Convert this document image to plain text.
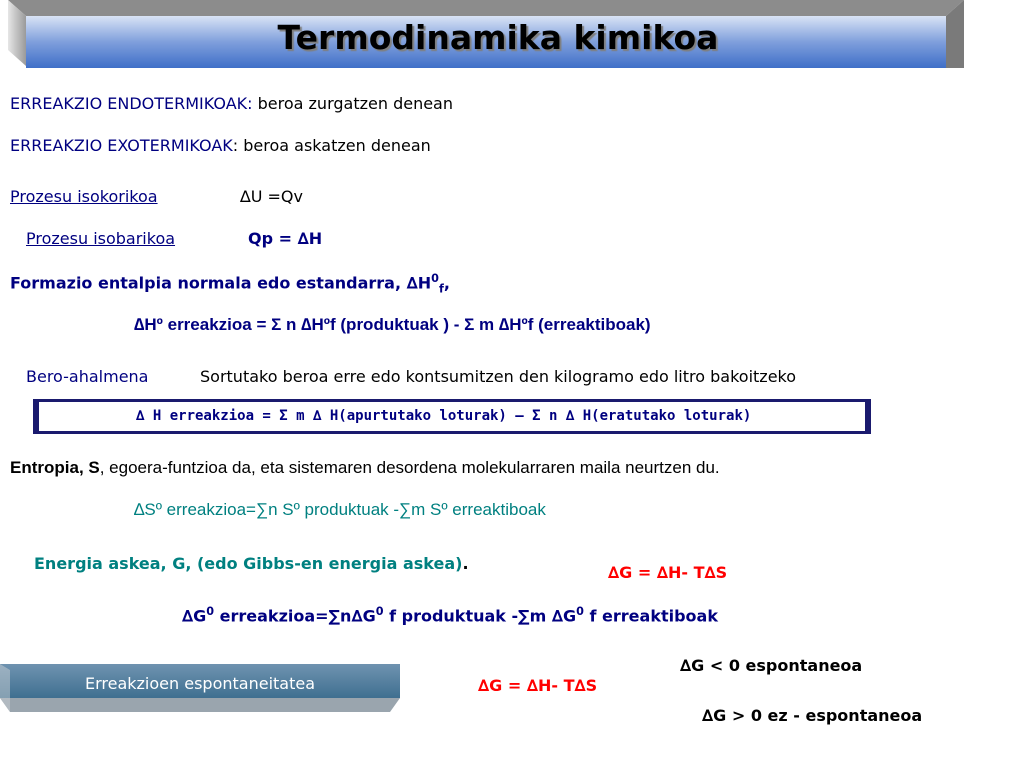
Termodinamika kimikoa
ERREAKZIO ENDOTERMIKOAK: beroa zurgatzen denean
ERREAKZIO EXOTERMIKOAK: beroa askatzen denean
Prozesu isokorikoa	∆U =Qv
Prozesu isobarikoa	Qp = ∆H
Formazio entalpia normala edo estandarra, $\Delta H^0_f$,
∆Hº erreakzioa = Σ n ∆Hºf (produktuak ) - Σ m ∆Hºf (erreaktiboak)
Bero-ahalmena	Sortutako beroa erre edo kontsumitzen den kilogramo edo litro bakoitzeko
∆ H erreakzioa = Σ m ∆ H(apurtutako loturak) – Σ n ∆ H(eratutako loturak)
Entropia, S, egoera-funtzioa da, eta sistemaren desordena molekularraren maila neurtzen du.
∆Sº erreakzioa=∑n Sº produktuak -∑m Sº erreaktiboak
Energia askea, G, (edo Gibbs-en energia askea).	∆G = ∆H- T∆S
$\Delta G^0$ $erreakzioa=\sum n\Delta G^0$ f produktuak -∑m $\Delta G^0$ f erreaktiboak
Erreakzioen espontaneitatea	∆G = ∆H- T∆S
∆G < 0 espontaneoa
∆G > 0 ez - espontaneoa
